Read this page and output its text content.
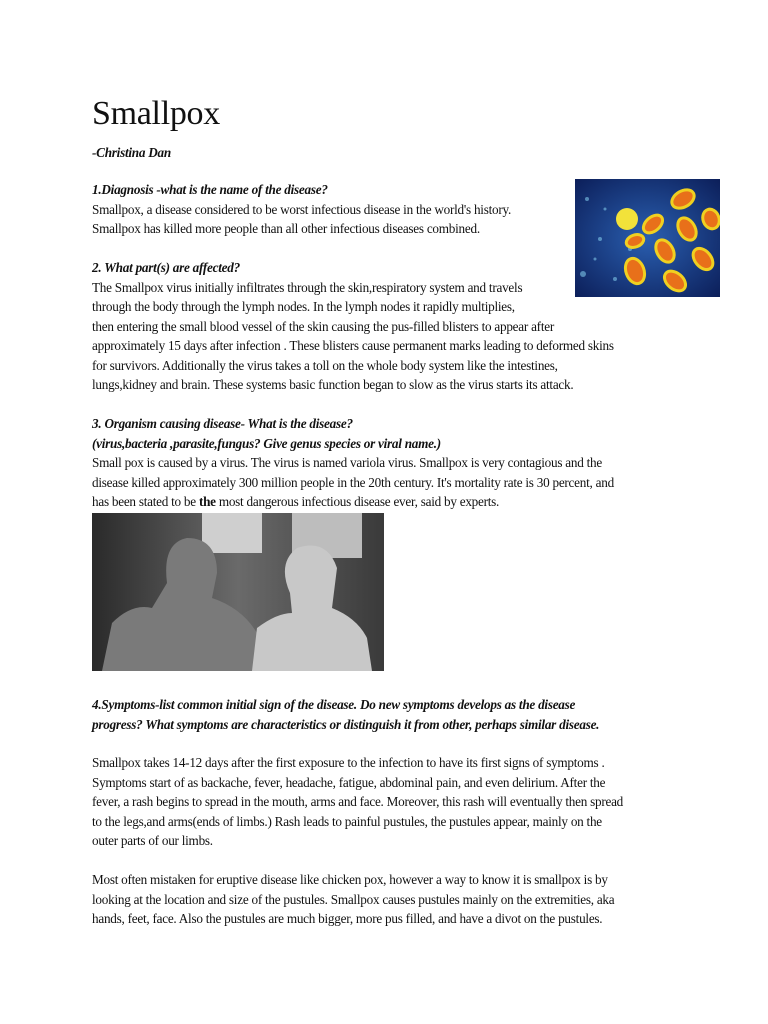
Smallpox
-Christina Dan
1.Diagnosis -what is the name of the disease?
Smallpox, a disease considered to be worst infectious disease in the world's history.
Smallpox has killed more people than all other infectious diseases combined.
2. What part(s) are affected?
The Smallpox virus initially infiltrates through the skin,respiratory system and travels
through the body through the lymph nodes. In the lymph nodes it rapidly multiplies,
then entering the small blood vessel of the skin causing the pus-filled blisters to appear after
approximately 15 days after infection . These blisters cause permanent marks leading to deformed skins
for survivors. Additionally the virus takes a toll on the whole body system like the intestines,
lungs,kidney and brain. These systems basic function began to slow as the virus starts its attack.
3. Organism causing disease- What is the disease?
(virus,bacteria ,parasite,fungus? Give genus species or viral name.)
Small pox is caused by a virus. The virus is named variola virus. Smallpox is very contagious and the
disease killed approximately 300 million people in the 20th century. It's mortality rate is 30 percent, and
has been stated to be the most dangerous infectious disease ever, said by experts.
4.Symptoms-list common initial sign of the disease. Do new symptoms develops as the disease
progress? What symptoms are characteristics or distinguish it from other, perhaps similar disease.
Smallpox takes 14-12 days after the first exposure to the infection to have its first signs of symptoms .
Symptoms start of as backache, fever, headache, fatigue, abdominal pain, and even delirium. After the
fever, a rash begins to spread in the mouth, arms and face. Moreover, this rash will eventually then spread
to the legs,and arms(ends of limbs.) Rash leads to painful pustules, the pustules appear, mainly on the
outer parts of our limbs.
Most often mistaken for eruptive disease like chicken pox, however a way to know it is smallpox is by
looking at the location and size of the pustules. Smallpox causes pustules mainly on the extremities, aka
hands, feet, face. Also the pustules are much bigger, more pus filled, and have a divot on the pustules.
